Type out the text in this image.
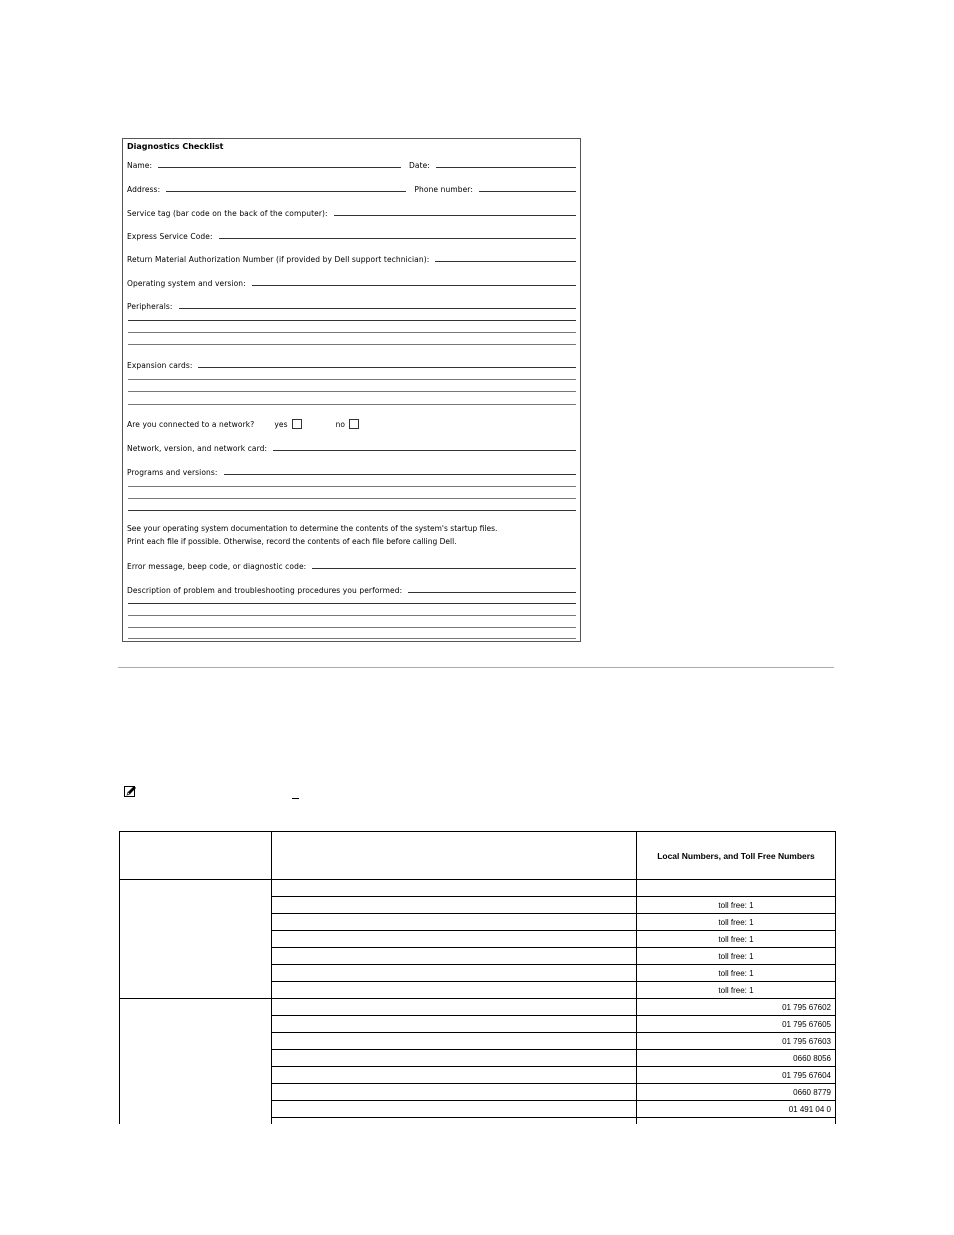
Diagnostics Checklist
Name:	Date:
Address:	Phone number:
Service tag (bar code on the back of the computer):
Express Service Code:
Return Material Authorization Number (if provided by Dell support technician):
Operating system and version:
Peripherals:
Expansion cards:
Are you connected to a network?	yes	no
Network, version, and network card:
Programs and versions:
See your operating system documentation to determine the contents of the system's startup files.
Print each file if possible. Otherwise, record the contents of each file before calling Dell.
Error message, beep code, or diagnostic code:
Description of problem and troubleshooting procedures you performed:
		Local Numbers, and Toll Free Numbers

		toll free: 1
		toll free: 1
		toll free: 1
		toll free: 1
		toll free: 1
		toll free: 1
		01 795 67602
		01 795 67605
		01 795 67603
		0660 8056
		01 795 67604
		0660 8779
		01 491 04 0
